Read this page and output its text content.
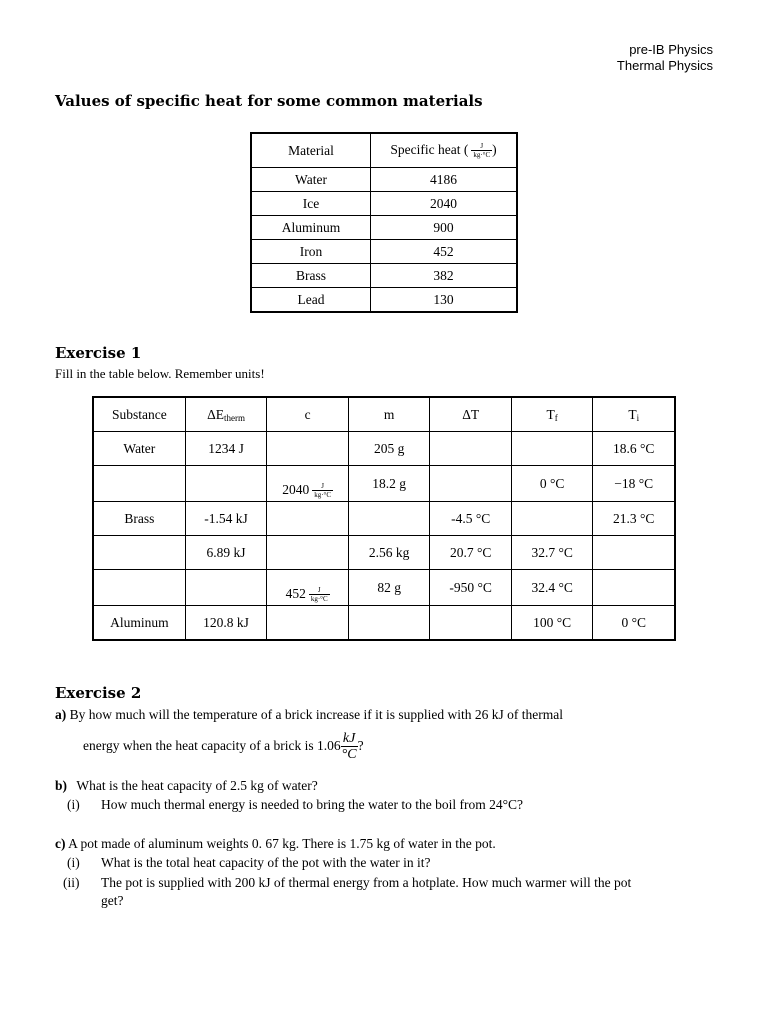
pre-IB Physics
Thermal Physics
Values of specific heat for some common materials
Material	Specific heat ( $\frac{J}{kg\cdot^\circ C}$ )
Water	4186
Ice	2040
Aluminum	900
Iron	452
Brass	382
Lead	130
Exercise 1
Fill in the table below. Remember units!
Substance	$\Delta E_{therm}$	c	m	ΔT	$T_f$	$T_i$
Water	1234 J		205 g			18.6 °C
		$2040 \frac{J}{kg\cdot^\circ C}$	18.2 g		0 °C	−18 °C
Brass	-1.54 kJ			-4.5 °C		21.3 °C
	6.89 kJ		2.56 kg	20.7 °C	32.7 °C	
		$452 \frac{J}{kg\cdot^\circ C}$	82 g	-950 °C	32.4 °C	
Aluminum	120.8 kJ				100 °C	0 °C
Exercise 2
a) By how much will the temperature of a brick increase if it is supplied with 26 kJ of thermal
energy when the heat capacity of a brick is $1.06 \frac{kJ}{^\circ C}$ ?
b) What is the heat capacity of 2.5 kg of water?
(i) How much thermal energy is needed to bring the water to the boil from 24°C?
c) A pot made of aluminum weights 0. 67 kg. There is 1.75 kg of water in the pot.
(i) What is the total heat capacity of the pot with the water in it?
(ii) The pot is supplied with 200 kJ of thermal energy from a hotplate. How much warmer will the pot
get?
